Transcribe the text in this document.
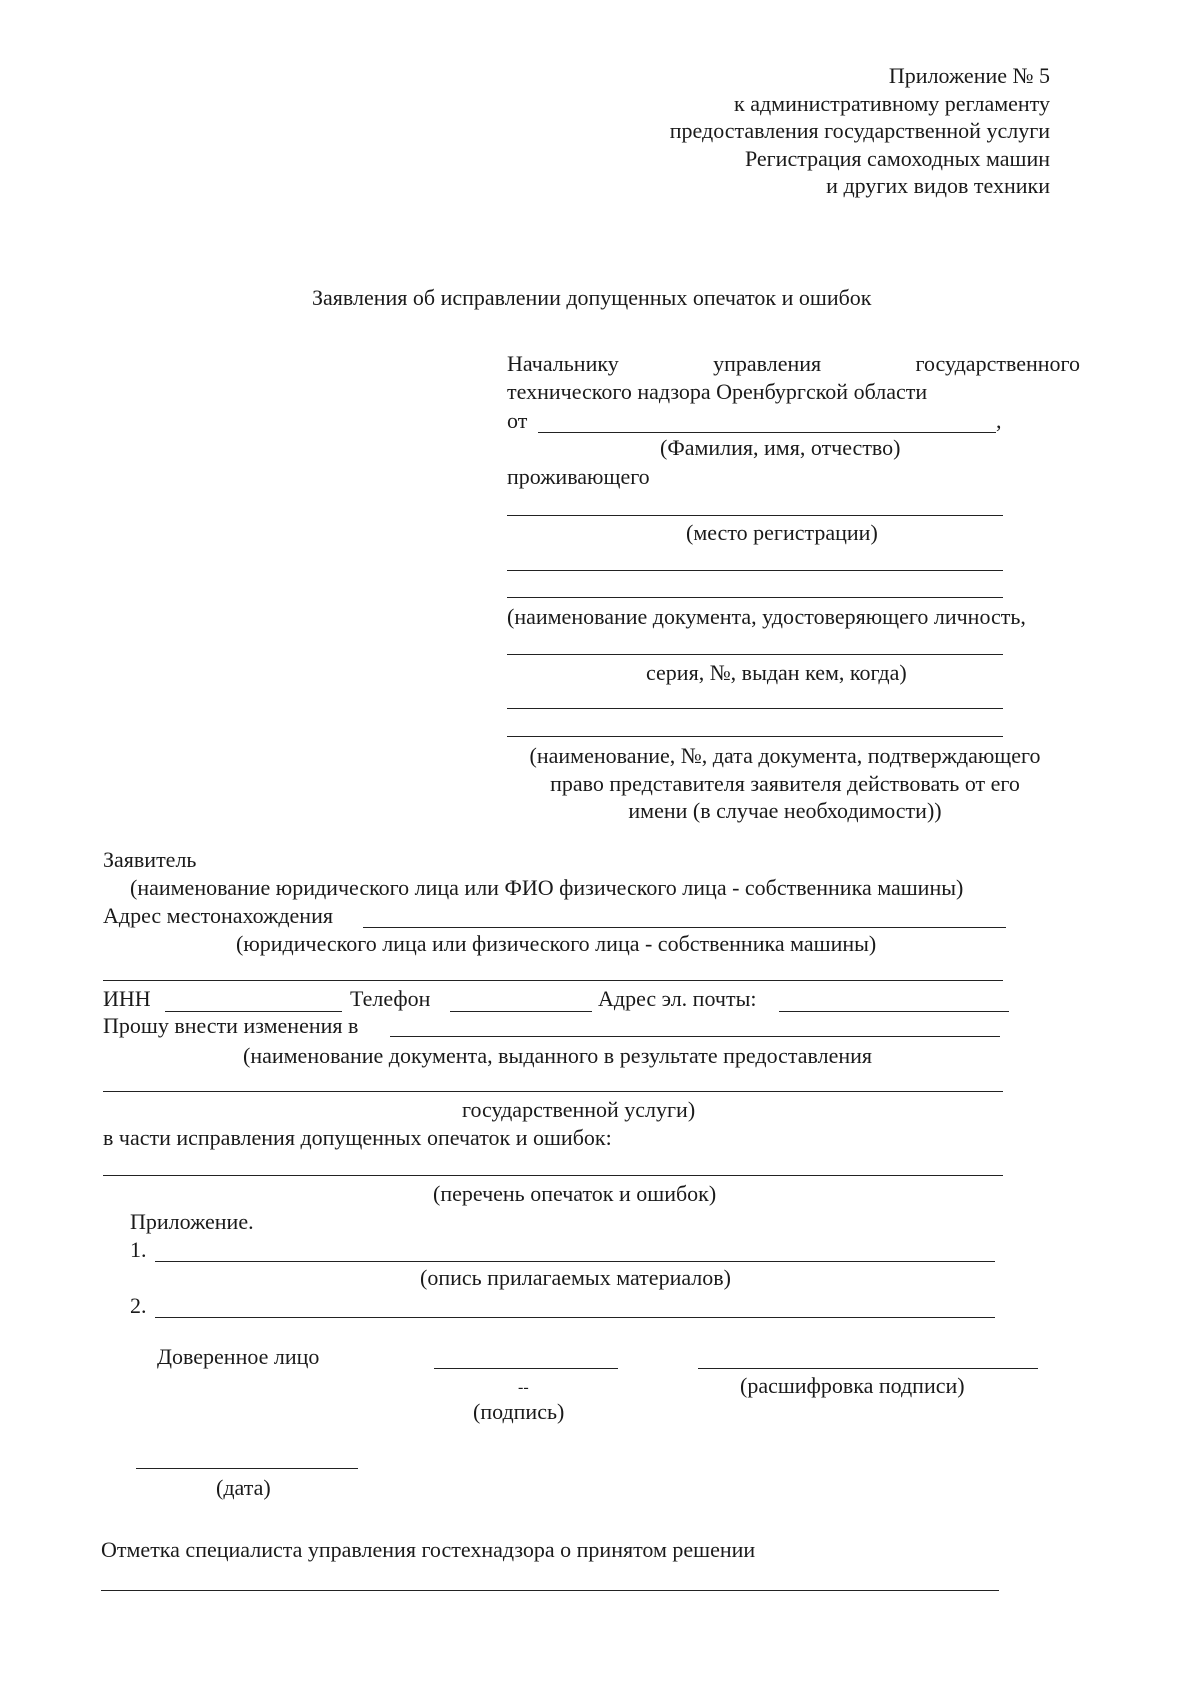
Приложение № 5
к административному регламенту
предоставления государственной услуги
Регистрация самоходных машин
и других видов техники
Заявления об исправлении допущенных опечаток и ошибок
Начальнику	управления	государственного
технического надзора Оренбургской области
от	,
(Фамилия, имя, отчество)
проживающего
(место регистрации)
(наименование документа, удостоверяющего личность,
серия, №, выдан кем, когда)
(наименование, №, дата документа, подтверждающего
право представителя заявителя действовать от его
имени (в случае необходимости))
Заявитель
(наименование юридического лица или ФИО физического лица - собственника машины)
Адрес местонахождения
(юридического лица или физического лица - собственника машины)
ИНН	Телефон	Адрес эл. почты:
Прошу внести изменения в
(наименование документа, выданного в результате предоставления
государственной услуги)
в части исправления допущенных опечаток и ошибок:
(перечень опечаток и ошибок)
Приложение.
1.
(опись прилагаемых материалов)
2.
Доверенное лицо
(расшифровка подписи)
--
(подпись)
(дата)
Отметка специалиста управления гостехнадзора о принятом решении
